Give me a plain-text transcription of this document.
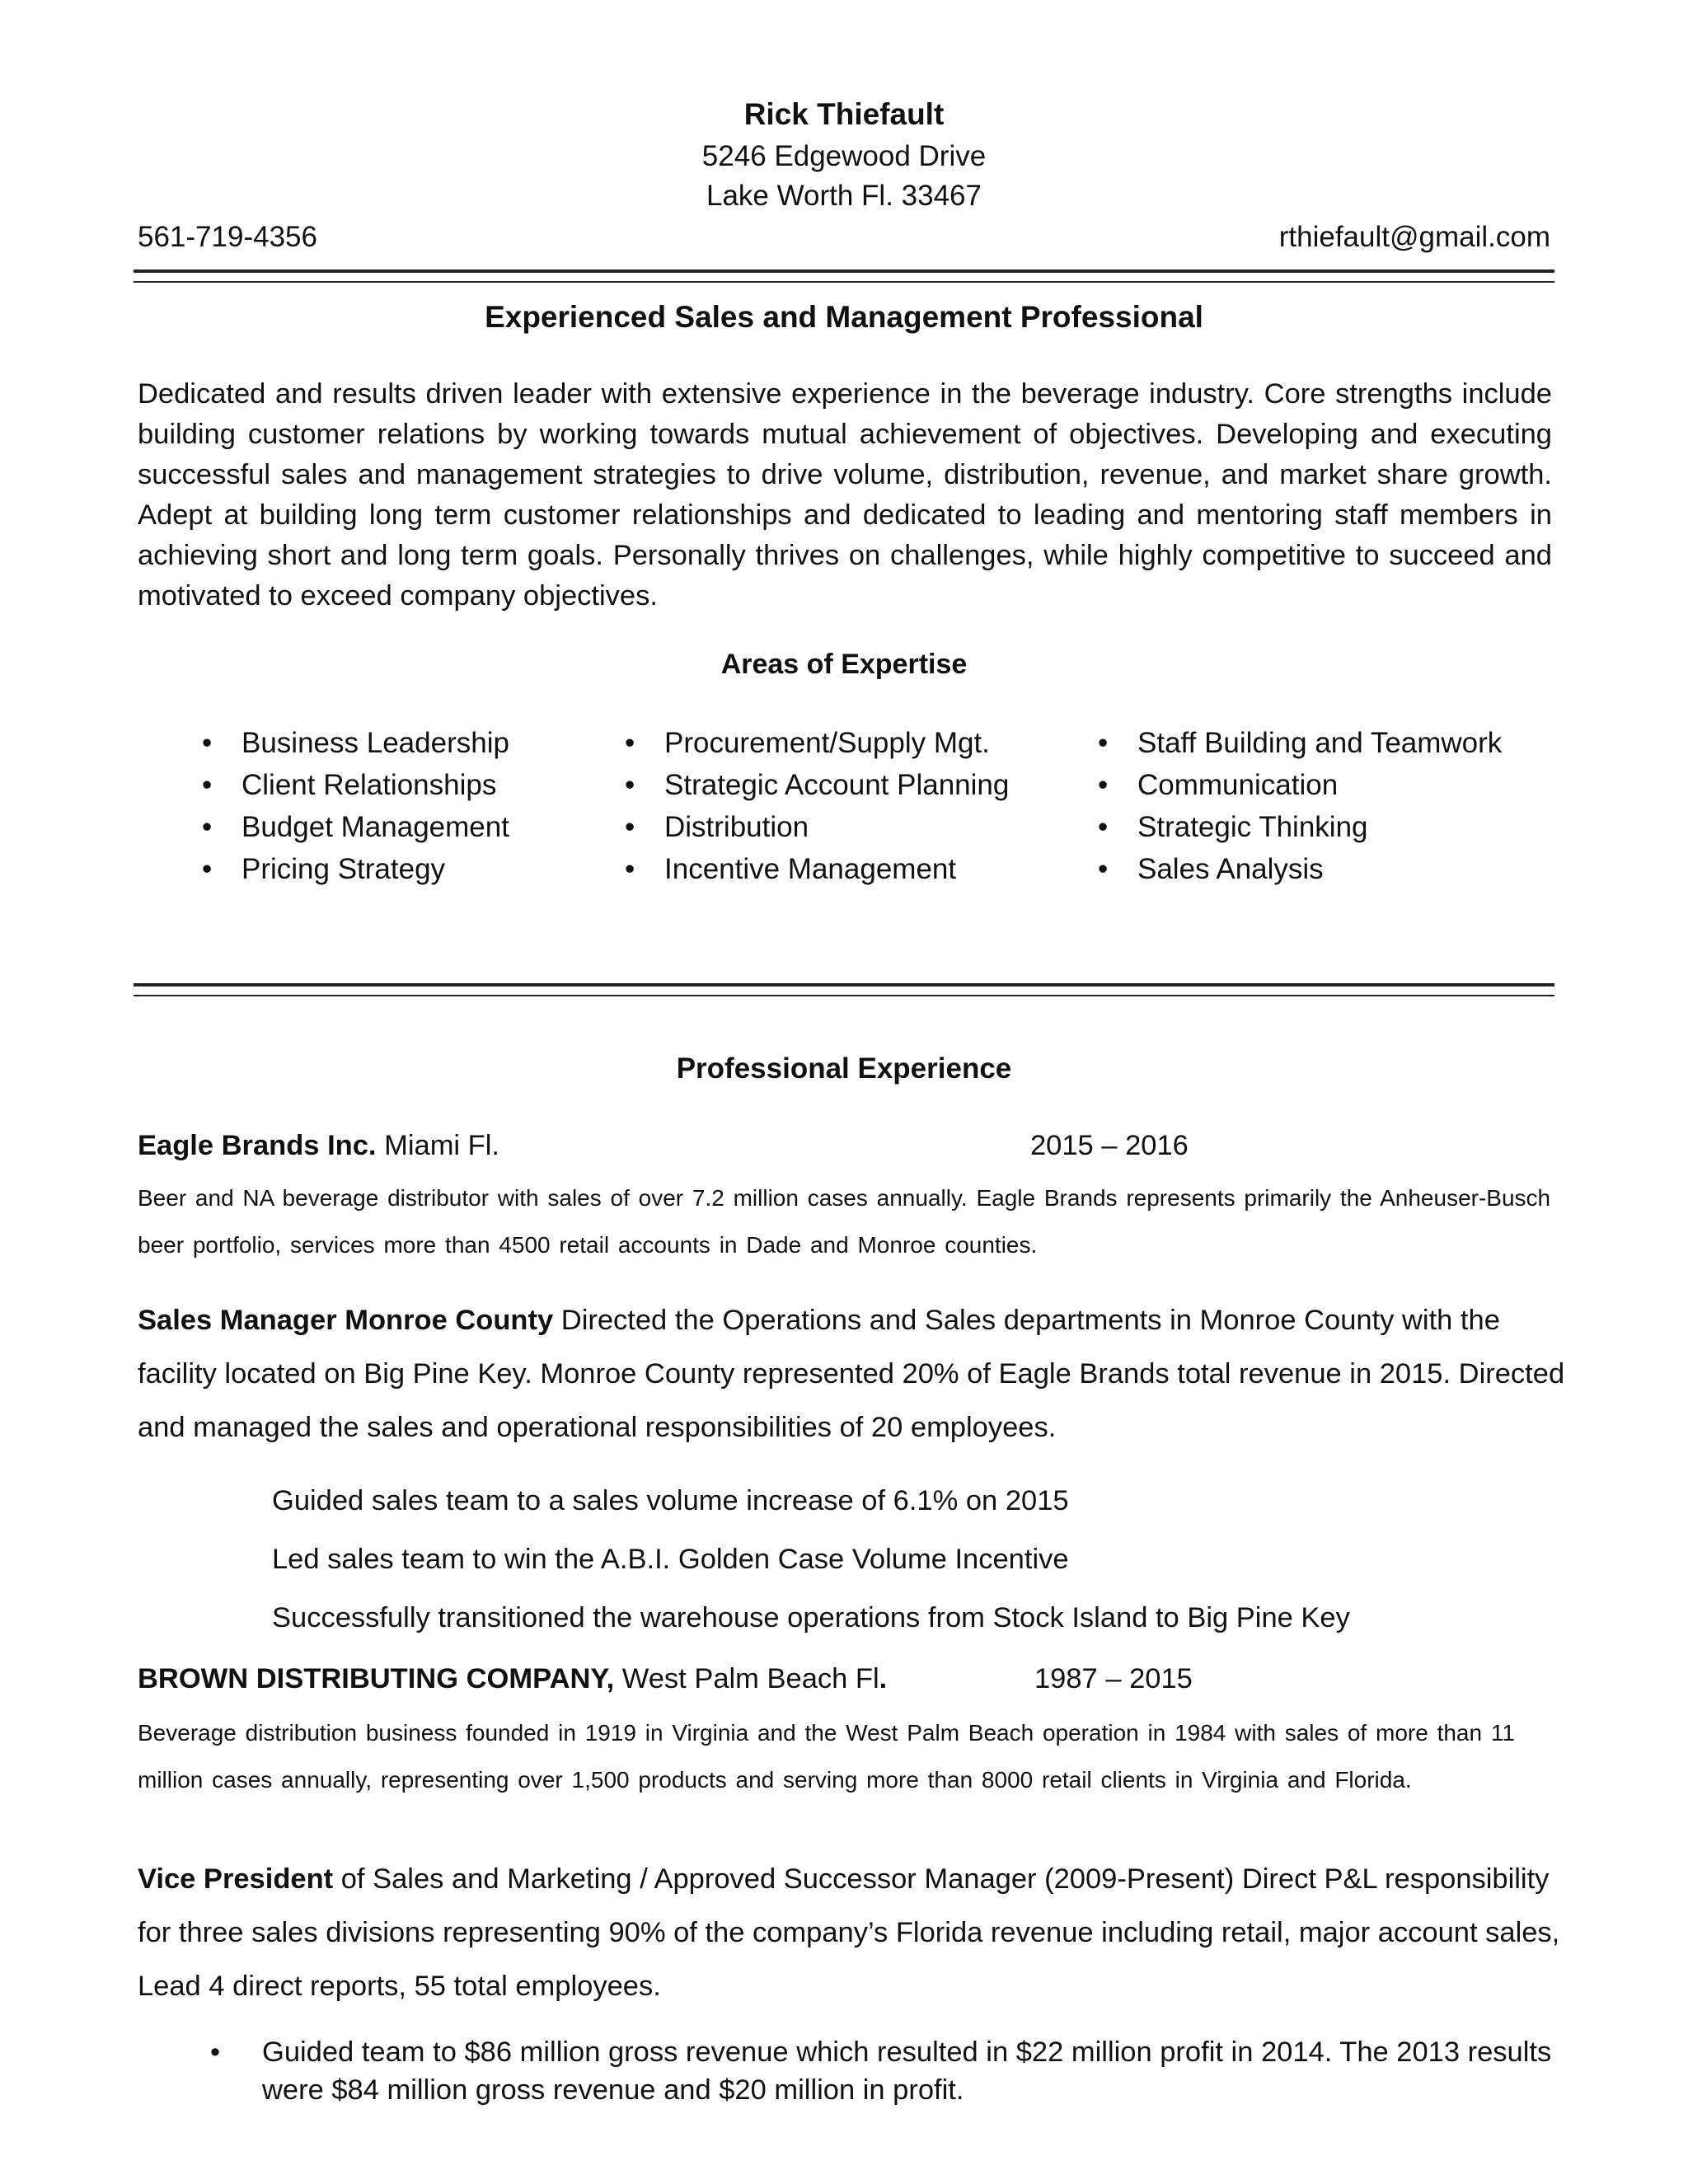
Rick Thiefault
5246 Edgewood Drive
Lake Worth Fl. 33467
561-719-4356	rthiefault@gmail.com
Experienced Sales and Management Professional
Dedicated and results driven leader with extensive experience in the beverage industry. Core strengths include building customer relations by working towards mutual achievement of objectives. Developing and executing successful sales and management strategies to drive volume, distribution, revenue, and market share growth. Adept at building long term customer relationships and dedicated to leading and mentoring staff members in achieving short and long term goals. Personally thrives on challenges, while highly competitive to succeed and motivated to exceed company objectives.
Areas of Expertise
• Business Leadership
• Client Relationships
• Budget Management
• Pricing Strategy
• Procurement/Supply Mgt.
• Strategic Account Planning
• Distribution
• Incentive Management
• Staff Building and Teamwork
• Communication
• Strategic Thinking
• Sales Analysis
Professional Experience
Eagle Brands Inc. Miami Fl.	2015 – 2016
Beer and NA beverage distributor with sales of over 7.2 million cases annually. Eagle Brands represents primarily the Anheuser-Busch beer portfolio, services more than 4500 retail accounts in Dade and Monroe counties.
Sales Manager Monroe County Directed the Operations and Sales departments in Monroe County with the facility located on Big Pine Key. Monroe County represented 20% of Eagle Brands total revenue in 2015. Directed and managed the sales and operational responsibilities of 20 employees.
Guided sales team to a sales volume increase of 6.1% on 2015
Led sales team to win the A.B.I. Golden Case Volume Incentive
Successfully transitioned the warehouse operations from Stock Island to Big Pine Key
BROWN DISTRIBUTING COMPANY, West Palm Beach Fl.	1987 – 2015
Beverage distribution business founded in 1919 in Virginia and the West Palm Beach operation in 1984 with sales of more than 11 million cases annually, representing over 1,500 products and serving more than 8000 retail clients in Virginia and Florida.
Vice President of Sales and Marketing / Approved Successor Manager (2009-Present) Direct P&L responsibility for three sales divisions representing 90% of the company’s Florida revenue including retail, major account sales, Lead 4 direct reports, 55 total employees.
• Guided team to $86 million gross revenue which resulted in $22 million profit in 2014. The 2013 results were $84 million gross revenue and $20 million in profit.
